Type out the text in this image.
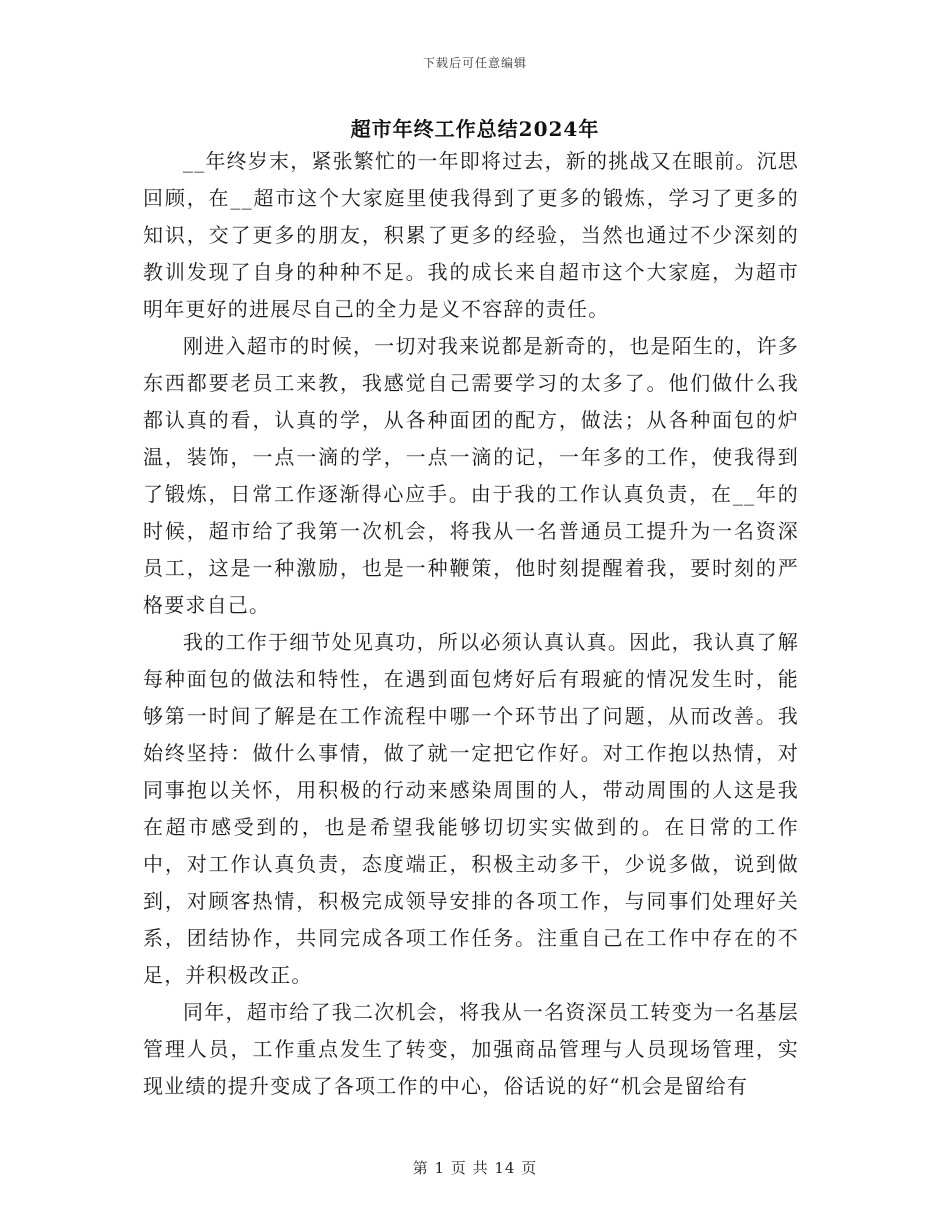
下载后可任意编辑
超市年终工作总结2024年

__年终岁末，紧张繁忙的一年即将过去，新的挑战又在眼前。沉思回顾，在__超市这个大家庭里使我得到了更多的锻炼，学习了更多的知识，交了更多的朋友，积累了更多的经验，当然也通过不少深刻的教训发现了自身的种种不足。我的成长来自超市这个大家庭，为超市明年更好的进展尽自己的全力是义不容辞的责任。

刚进入超市的时候，一切对我来说都是新奇的，也是陌生的，许多东西都要老员工来教，我感觉自己需要学习的太多了。他们做什么我都认真的看，认真的学，从各种面团的配方，做法；从各种面包的炉温，装饰，一点一滴的学，一点一滴的记，一年多的工作，使我得到了锻炼，日常工作逐渐得心应手。由于我的工作认真负责，在__年的时候，超市给了我第一次机会，将我从一名普通员工提升为一名资深员工，这是一种激励，也是一种鞭策，他时刻提醒着我，要时刻的严格要求自己。

我的工作于细节处见真功，所以必须认真认真。因此，我认真了解每种面包的做法和特性，在遇到面包烤好后有瑕疵的情况发生时，能够第一时间了解是在工作流程中哪一个环节出了问题，从而改善。我始终坚持：做什么事情，做了就一定把它作好。对工作抱以热情，对同事抱以关怀，用积极的行动来感染周围的人，带动周围的人这是我在超市感受到的，也是希望我能够切切实实做到的。在日常的工作中，对工作认真负责，态度端正，积极主动多干，少说多做，说到做到，对顾客热情，积极完成领导安排的各项工作，与同事们处理好关系，团结协作，共同完成各项工作任务。注重自己在工作中存在的不足，并积极改正。

同年，超市给了我二次机会，将我从一名资深员工转变为一名基层管理人员，工作重点发生了转变，加强商品管理与人员现场管理，实现业绩的提升变成了各项工作的中心，俗话说的好“机会是留给有

第 1 页 共 14 页
